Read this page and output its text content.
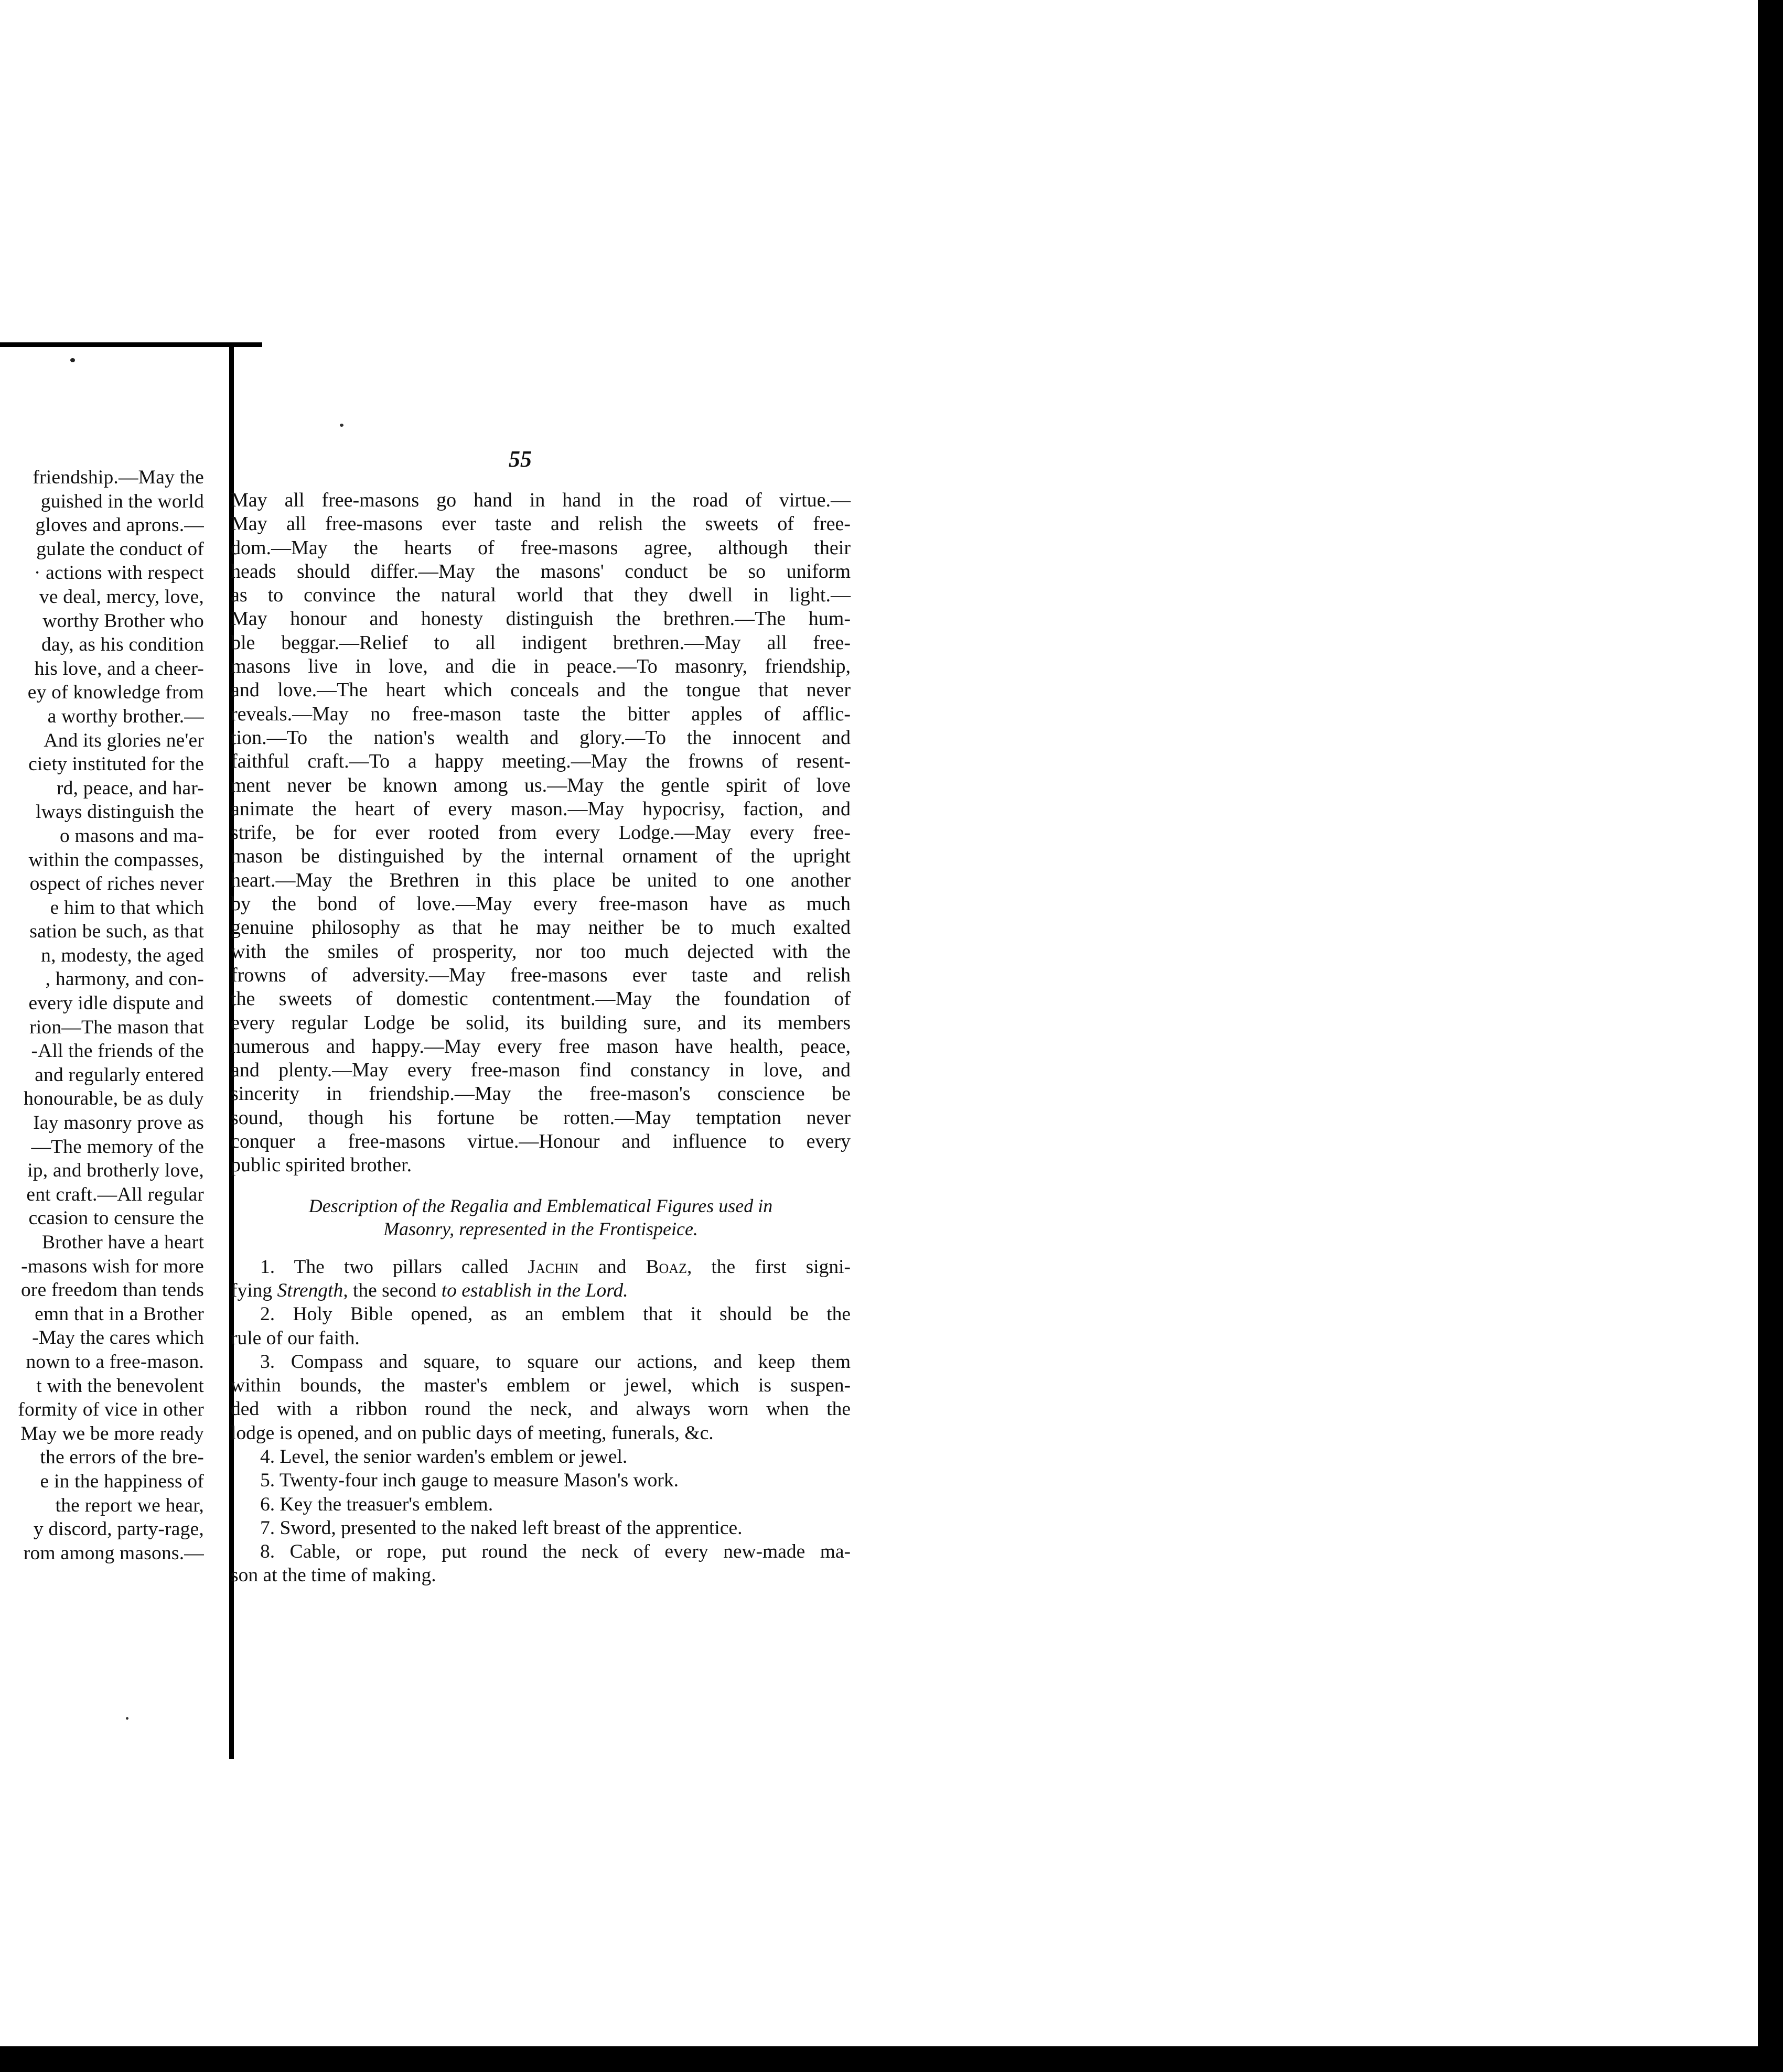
friendship.—May the
guished in the world
gloves and aprons.—
gulate the conduct of
· actions with respect
ve deal, mercy, love,
worthy Brother who
day, as his condition
his love, and a cheer-
ey of knowledge from
a worthy brother.—
And its glories ne'er
ciety instituted for the
rd, peace, and har-
lways distinguish the
o masons and ma-
within the compasses,
ospect of riches never
e him to that which
sation be such, as that
n, modesty, the aged
, harmony, and con-
every idle dispute and
rion—The mason that
-All the friends of the
and regularly entered
honourable, be as duly
Iay masonry prove as
—The memory of the
ip, and brotherly love,
ent craft.—All regular
ccasion to censure the
Brother have a heart
-masons wish for more
ore freedom than tends
emn that in a Brother
-May the cares which
nown to a free-mason.
t with the benevolent
formity of vice in other
May we be more ready
the errors of the bre-
e in the happiness of
the report we hear,
y discord, party-rage,
rom among masons.—
55
May all free-masons go hand in hand in the road of virtue.—
May all free-masons ever taste and relish the sweets of free-
dom.—May the hearts of free-masons agree, although their
heads should differ.—May the masons' conduct be so uniform
as to convince the natural world that they dwell in light.—
May honour and honesty distinguish the brethren.—The hum-
ble beggar.—Relief to all indigent brethren.—May all free-
masons live in love, and die in peace.—To masonry, friendship,
and love.—The heart which conceals and the tongue that never
reveals.—May no free-mason taste the bitter apples of afflic-
tion.—To the nation's wealth and glory.—To the innocent and
faithful craft.—To a happy meeting.—May the frowns of resent-
ment never be known among us.—May the gentle spirit of love
animate the heart of every mason.—May hypocrisy, faction, and
strife, be for ever rooted from every Lodge.—May every free-
mason be distinguished by the internal ornament of the upright
heart.—May the Brethren in this place be united to one another
by the bond of love.—May every free-mason have as much
genuine philosophy as that he may neither be to much exalted
with the smiles of prosperity, nor too much dejected with the
frowns of adversity.—May free-masons ever taste and relish
the sweets of domestic contentment.—May the foundation of
every regular Lodge be solid, its building sure, and its members
numerous and happy.—May every free mason have health, peace,
and plenty.—May every free-mason find constancy in love, and
sincerity in friendship.—May the free-mason's conscience be
sound, though his fortune be rotten.—May temptation never
conquer a free-masons virtue.—Honour and influence to every
public spirited brother.
Description of the Regalia and Emblematical Figures used in
Masonry, represented in the Frontispeice.
1. The two pillars called Jachin and Boaz, the first signi-
fying Strength, the second to establish in the Lord.
2. Holy Bible opened, as an emblem that it should be the
rule of our faith.
3. Compass and square, to square our actions, and keep them
within bounds, the master's emblem or jewel, which is suspen-
ded with a ribbon round the neck, and always worn when the
lodge is opened, and on public days of meeting, funerals, &c.
4. Level, the senior warden's emblem or jewel.
5. Twenty-four inch gauge to measure Mason's work.
6. Key the treasuer's emblem.
7. Sword, presented to the naked left breast of the apprentice.
8. Cable, or rope, put round the neck of every new-made ma-
son at the time of making.
